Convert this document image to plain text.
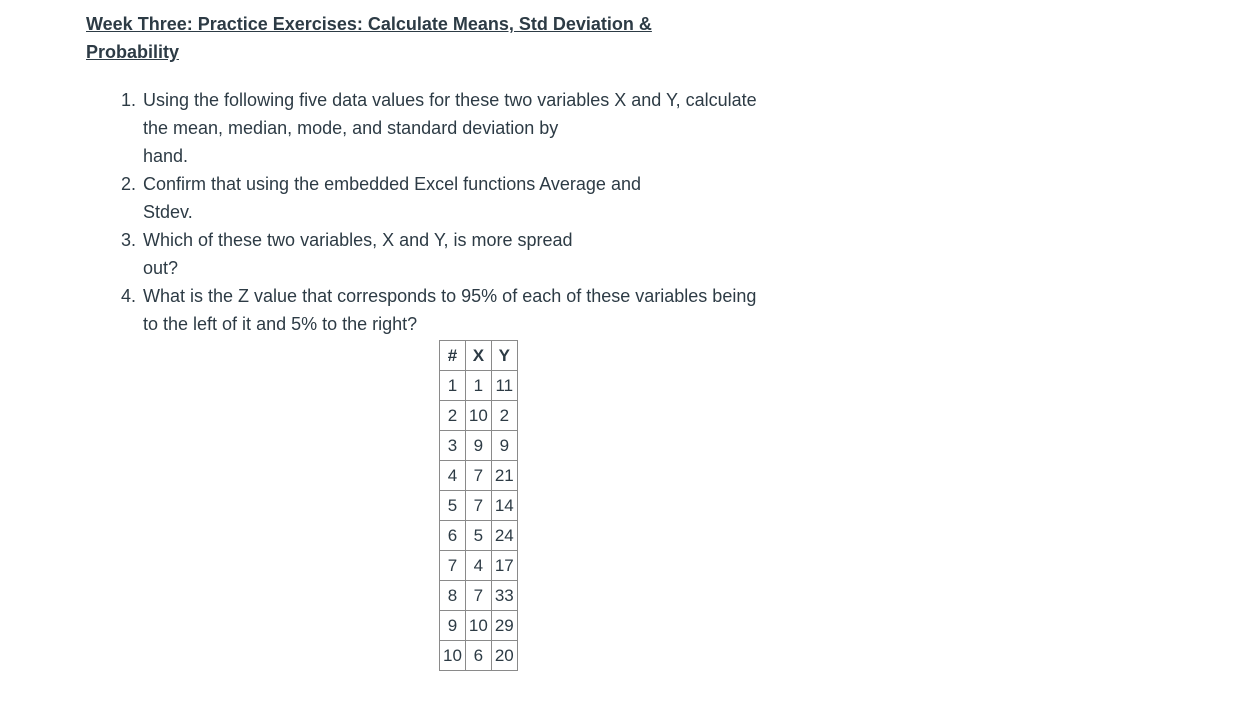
Week Three: Practice Exercises: Calculate Means, Std Deviation &
Probability
1. Using the following five data values for these two variables X and Y, calculate
the mean, median, mode, and standard deviation by
hand.
2. Confirm that using the embedded Excel functions Average and
Stdev.
3. Which of these two variables, X and Y, is more spread
out?
4. What is the Z value that corresponds to 95% of each of these variables being
to the left of it and 5% to the right?
#	X	Y
1	1	11
2	10	2
3	9	9
4	7	21
5	7	14
6	5	24
7	4	17
8	7	33
9	10	29
10	6	20
